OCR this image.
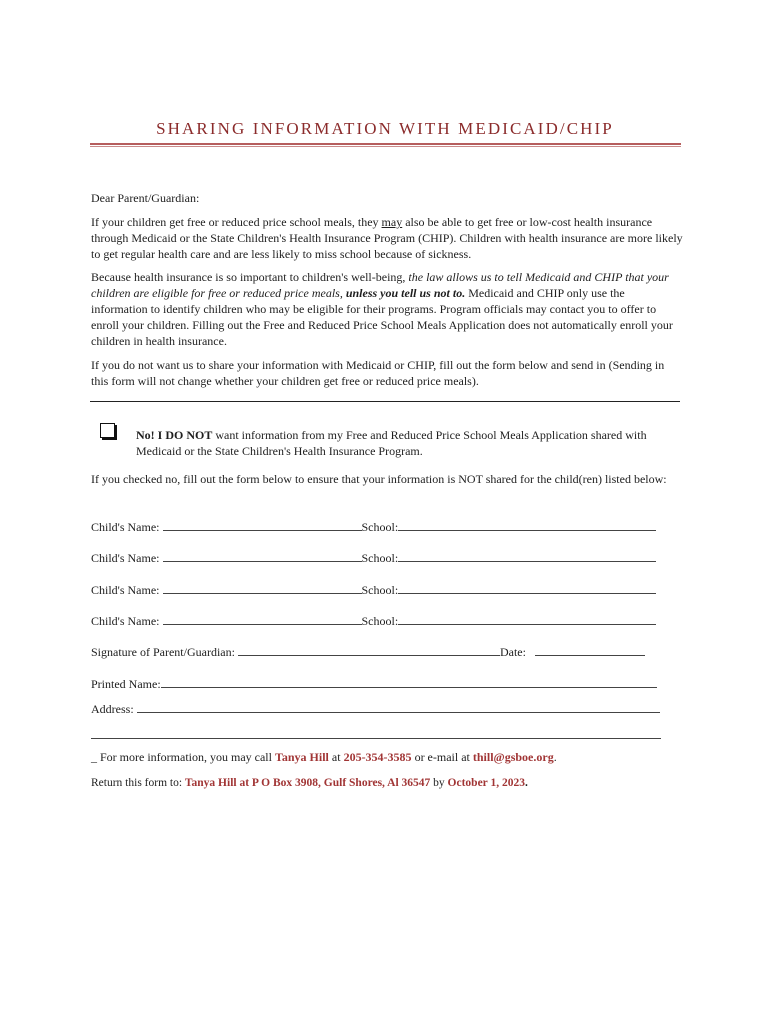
SHARING INFORMATION WITH MEDICAID/CHIP
Dear Parent/Guardian:
If your children get free or reduced price school meals, they may also be able to get free or low-cost health insurance through Medicaid or the State Children's Health Insurance Program (CHIP). Children with health insurance are more likely to get regular health care and are less likely to miss school because of sickness.
Because health insurance is so important to children's well-being, the law allows us to tell Medicaid and CHIP that your children are eligible for free or reduced price meals, unless you tell us not to. Medicaid and CHIP only use the information to identify children who may be eligible for their programs. Program officials may contact you to offer to enroll your children. Filling out the Free and Reduced Price School Meals Application does not automatically enroll your children in health insurance.
If you do not want us to share your information with Medicaid or CHIP, fill out the form below and send in (Sending in this form will not change whether your children get free or reduced price meals).
No! I DO NOT want information from my Free and Reduced Price School Meals Application shared with Medicaid or the State Children's Health Insurance Program.
If you checked no, fill out the form below to ensure that your information is NOT shared for the child(ren) listed below:
Child's Name:	School:
Child's Name:	School:
Child's Name:	School:
Child's Name:	School:
Signature of Parent/Guardian:	Date:
Printed Name:
Address:
_ For more information, you may call Tanya Hill at 205-354-3585 or e-mail at thill@gsboe.org.
Return this form to: Tanya Hill at P O Box 3908, Gulf Shores, Al 36547 by October 1, 2023.
